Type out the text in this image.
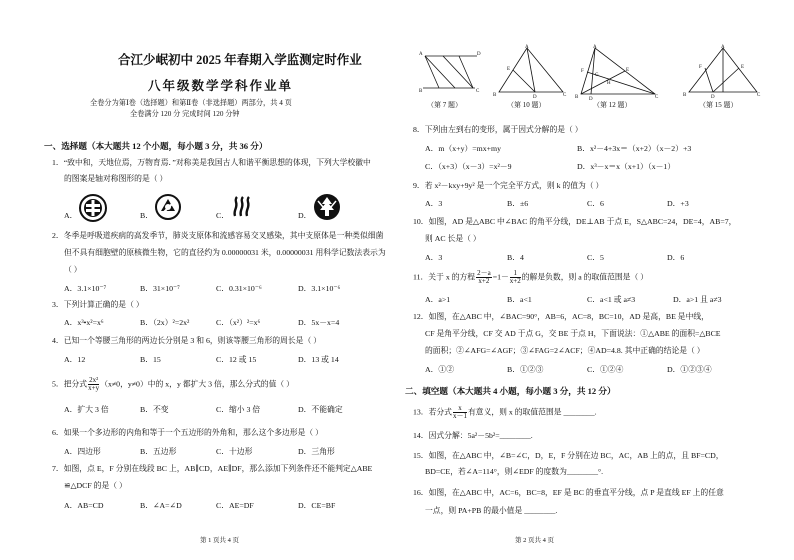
合江少岷初中 2025 年春期入学监测定时作业
八年级数学学科作业单
全卷分为第Ⅰ卷（选择题）和第Ⅱ卷（非选择题）两部分，共 4 页
全卷满分 120 分 完成时间 120 分钟
一、选择题（本大题共 12 个小题，每小题 3 分，共 36 分）
1．“致中和，天地位焉，万物育焉．”对称美是我国古人和谐平衡思想的体现，下列大学校徽中
的图案是轴对称图形的是（ ）
A．	B．	C．	D．
2．冬季是呼吸道疾病的高发季节，肺炎支原体和流感容易交叉感染，其中支原体是一种类似细菌
但不具有细胞壁的原核微生物，它的直径约为 0.00000031 米，0.00000031 用科学记数法表示为
（ ）
A．3.1×10⁻⁷	B．31×10⁻⁷	C．0.31×10⁻⁶	D．3.1×10⁻⁶
3．下列计算正确的是（ ）
A．x³•x²=x⁶	B．（2x）²=2x²	C．（x²）²=x⁶	D．5x－x=4
4．已知一个等腰三角形的两边长分别是 3 和 6，则该等腰三角形的周长是（ ）
A．12	B．15	C．12 或 15	D．13 或 14
5．把分式 $\frac{\text{2x²}}{x+y} (x\ne 0$，y≠0）中的 x，y 都扩大 3 倍，那么分式的值（ ）
A．扩大 3 倍	B．不变	C．缩小 3 倍	D．不能确定
6．如果一个多边形的内角和等于一个五边形的外角和，那么这个多边形是（ ）
A．四边形	B．五边形	C．十边形	D．三角形
7．如图，点 E，F 分别在线段 BC 上，AB∥CD，AE∥DF，那么添加下列条件还不能判定△ABE
≌△DCF 的是（ ）
A．AB=CD	B．∠A=∠D	C．AE=DF	D．CE=BF
第 1 页共 4 页
A
B	C
D
（第 7 题）
A
B	C
D
E
（第 10 题）
A
B	C
D
E
F
G
H
（第 12 题）
A
B	C
D
E
F
（第 15 题）
8．下列由左到右的变形，属于因式分解的是（ ）
A．m（x+y）=mx+my	B．x²－4+3x＝（x+2）（x－2）+3
C．（x+3）（x－3）=x²－9	D．x³－x＝x（x+1）（x－1）
9．若 x²－kxy+9y² 是一个完全平方式，则 k 的值为（ ）
A．3	B．±6	C．6	D．+3
10．如图，AD 是△ABC 中∠BAC 的角平分线，DE⊥AB 于点 E，S△ABC=24，DE=4，AB=7，
则 AC 长是（ ）
A．3	B．4	C．5	D．6
11．关于 x 的方程 $\frac{2-a}{x+2} =1- \frac{1}{x+2}$ 的解是负数，则 a 的取值范围是（ ）
A．a>1	B．a<1	C．a<1 或 a≠3	D．a>1 且 a≠3
12．如图，在△ABC 中，∠BAC=90°，AB=6，AC=8，BC=10，AD 是高，BE 是中线，
CF 是角平分线，CF 交 AD 于点 G，交 BE 于点 H，下面说法：①△ABE 的面积=△BCE
的面积；②∠AFG=∠AGF；③∠FAG=2∠ACF；④AD=4.8. 其中正确的结论是（ ）
A．①②	B．①②③	C．①②④	D．①②③④
二、填空题（本大题共 4 小题，每小题 3 分，共 12 分）
13．若分式 $\frac{x}{x-1}$ 有意义，则 x 的取值范围是 ________.
14．因式分解：5a²－5b²=________.
15．如图，在△ABC 中，∠B=∠C，D，E，F 分别在边 BC，AC，AB 上的点，且 BF=CD，
BD=CE，若∠A=114°，则∠EDF 的度数为________°.
16．如图，在△ABC 中，AC=6，BC=8，EF 是 BC 的垂直平分线，点 P 是直线 EF 上的任意
一点，则 PA+PB 的最小值是 ________.
第 2 页共 4 页
